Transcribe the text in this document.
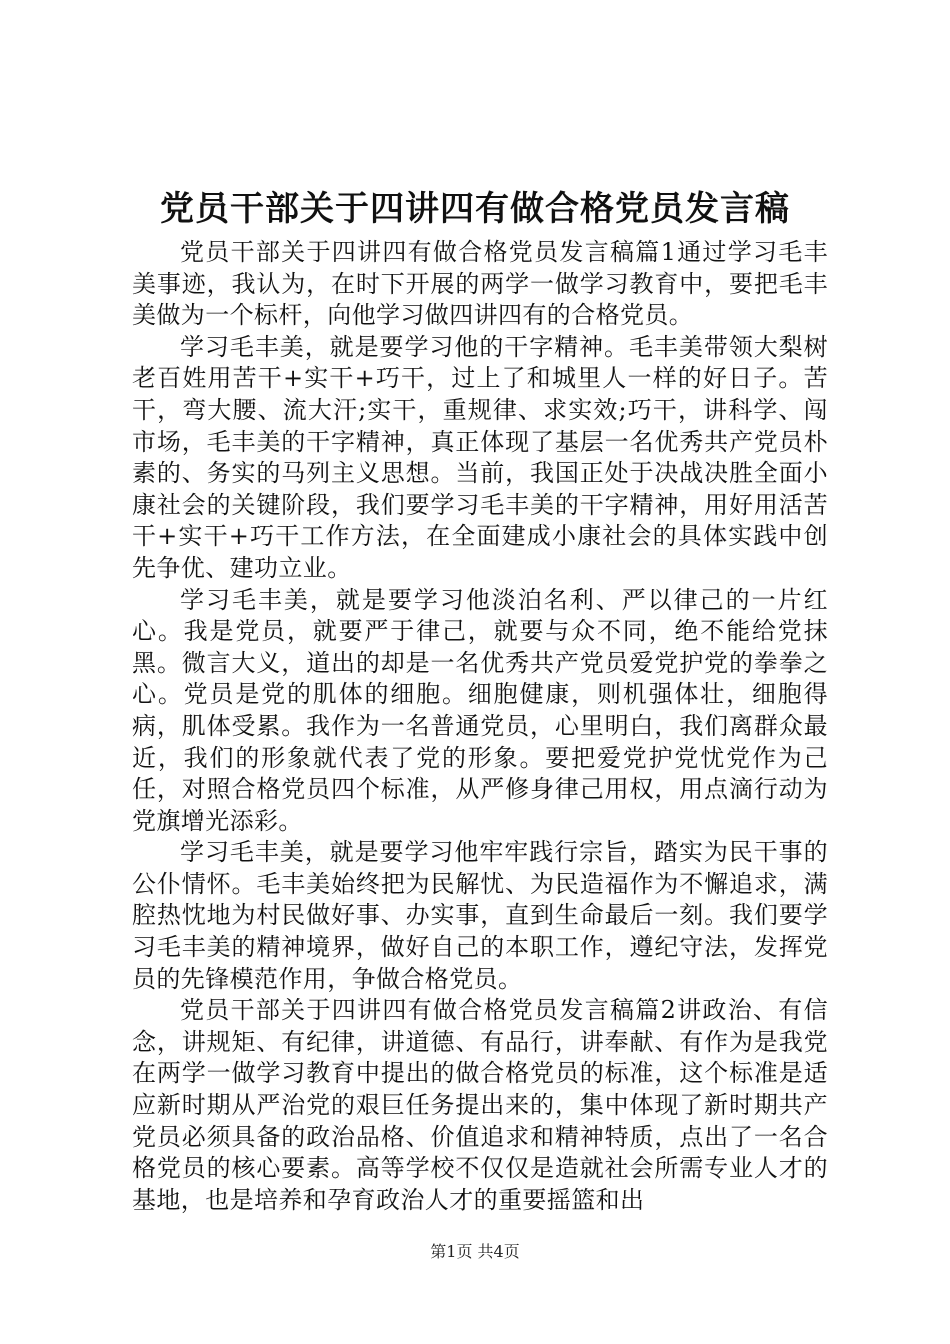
党员干部关于四讲四有做合格党员发言稿

党员干部关于四讲四有做合格党员发言稿篇1通过学习毛丰美事迹，我认为，在时下开展的两学一做学习教育中，要把毛丰美做为一个标杆，向他学习做四讲四有的合格党员。

学习毛丰美，就是要学习他的干字精神。毛丰美带领大梨树老百姓用苦干+实干+巧干，过上了和城里人一样的好日子。苦干，弯大腰、流大汗;实干，重规律、求实效;巧干，讲科学、闯市场，毛丰美的干字精神，真正体现了基层一名优秀共产党员朴素的、务实的马列主义思想。当前，我国正处于决战决胜全面小康社会的关键阶段，我们要学习毛丰美的干字精神，用好用活苦干+实干+巧干工作方法，在全面建成小康社会的具体实践中创先争优、建功立业。

学习毛丰美，就是要学习他淡泊名利、严以律己的一片红心。我是党员，就要严于律己，就要与众不同，绝不能给党抹黑。微言大义，道出的却是一名优秀共产党员爱党护党的拳拳之心。党员是党的肌体的细胞。细胞健康，则机强体壮，细胞得病，肌体受累。我作为一名普通党员，心里明白，我们离群众最近，我们的形象就代表了党的形象。要把爱党护党忧党作为己任，对照合格党员四个标准，从严修身律己用权，用点滴行动为党旗增光添彩。

学习毛丰美，就是要学习他牢牢践行宗旨，踏实为民干事的公仆情怀。毛丰美始终把为民解忧、为民造福作为不懈追求，满腔热忱地为村民做好事、办实事，直到生命最后一刻。我们要学习毛丰美的精神境界，做好自己的本职工作，遵纪守法，发挥党员的先锋模范作用，争做合格党员。

党员干部关于四讲四有做合格党员发言稿篇2讲政治、有信念，讲规矩、有纪律，讲道德、有品行，讲奉献、有作为是我党在两学一做学习教育中提出的做合格党员的标准，这个标准是适应新时期从严治党的艰巨任务提出来的，集中体现了新时期共产党员必须具备的政治品格、价值追求和精神特质，点出了一名合格党员的核心要素。高等学校不仅仅是造就社会所需专业人才的基地，也是培养和孕育政治人才的重要摇篮和出

第1页 共4页
